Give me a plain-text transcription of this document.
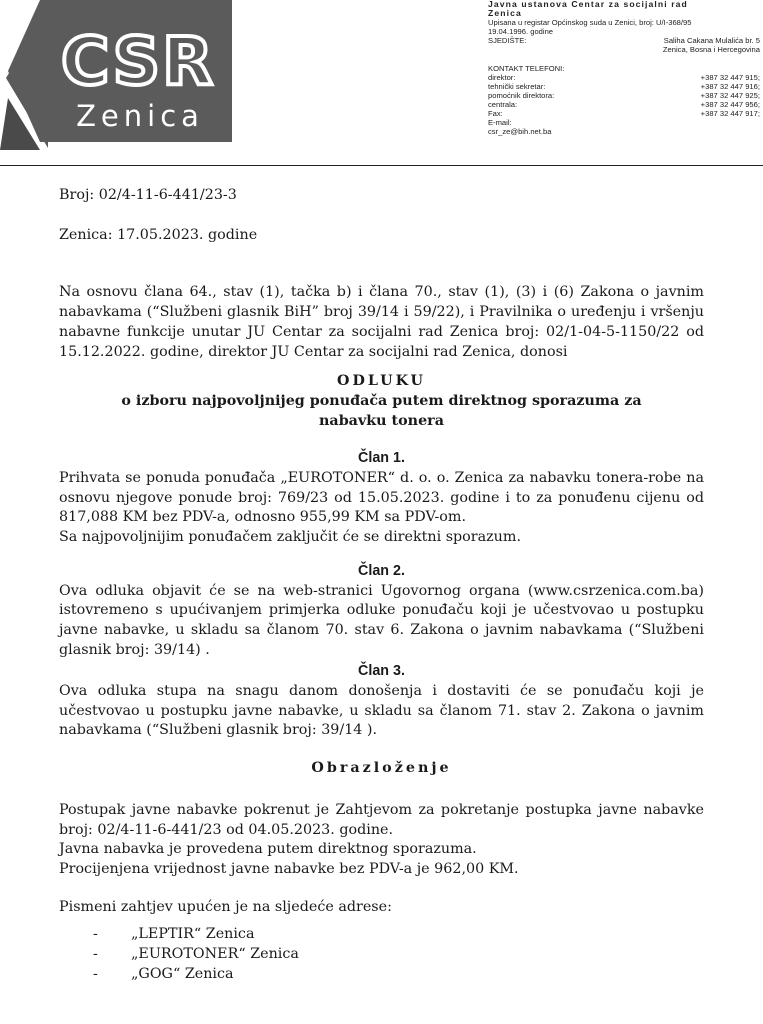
CSR
Zenica
Javna ustanova Centar za socijalni rad
Zenica
Upisana u registar Općinskog suda u Zenici, broj: U/I-368/95
19.04.1996. godine
SJEDIŠTE:	Saliha Cakana Mulalića br. 5
Zenica, Bosna i Hercegovina
KONTAKT TELEFONI:
direktor:	+387 32 447 915;
tehnički sekretar:	+387 32 447 916;
pomoćnik direktora:	+387 32 447 925;
centrala:	+387 32 447 956;
Fax:	+387 32 447 917;
E-mail:
csr_ze@bih.net.ba

Broj: 02/4-11-6-441/23-3

Zenica: 17.05.2023. godine

Na osnovu člana 64., stav (1), tačka b) i člana 70., stav (1), (3) i (6) Zakona o javnim nabavkama (“Službeni glasnik BiH” broj 39/14 i 59/22), i Pravilnika o uređenju i vršenju nabavne funkcije unutar JU Centar za socijalni rad Zenica broj: 02/1-04-5-1150/22 od 15.12.2022. godine, direktor JU Centar za socijalni rad Zenica, donosi

ODLUKU

o izboru najpovoljnijeg ponuđača putem direktnog sporazuma za nabavku tonera

Član 1.

Prihvata se ponuda ponuđača „EUROTONER“ d. o. o. Zenica za nabavku tonera-robe na osnovu njegove ponude broj: 769/23 od 15.05.2023. godine i to za ponuđenu cijenu od 817,088 KM bez PDV-a, odnosno 955,99 KM sa PDV-om.

Sa najpovoljnijim ponuđačem zaključit će se direktni sporazum.

Član 2.

Ova odluka objavit će se na web-stranici Ugovornog organa (www.csrzenica.com.ba) istovremeno s upućivanjem primjerka odluke ponuđaču koji je učestvovao u postupku javne nabavke, u skladu sa članom 70. stav 6. Zakona o javnim nabavkama (“Službeni glasnik broj: 39/14) .

Član 3.

Ova odluka stupa na snagu danom donošenja i dostaviti će se ponuđaču koji je učestvovao u postupku javne nabavke, u skladu sa članom 71. stav 2. Zakona o javnim nabavkama (“Službeni glasnik broj: 39/14 ).

Obrazloženje

Postupak javne nabavke pokrenut je Zahtjevom za pokretanje postupka javne nabavke broj: 02/4-11-6-441/23 od 04.05.2023. godine.

Javna nabavka je provedena putem direktnog sporazuma.

Procijenjena vrijednost javne nabavke bez PDV-a je 962,00 KM.

Pismeni zahtjev upućen je na sljedeće adrese:

-	„LEPTIR“ Zenica
-	„EUROTONER“ Zenica
-	„GOG“ Zenica
